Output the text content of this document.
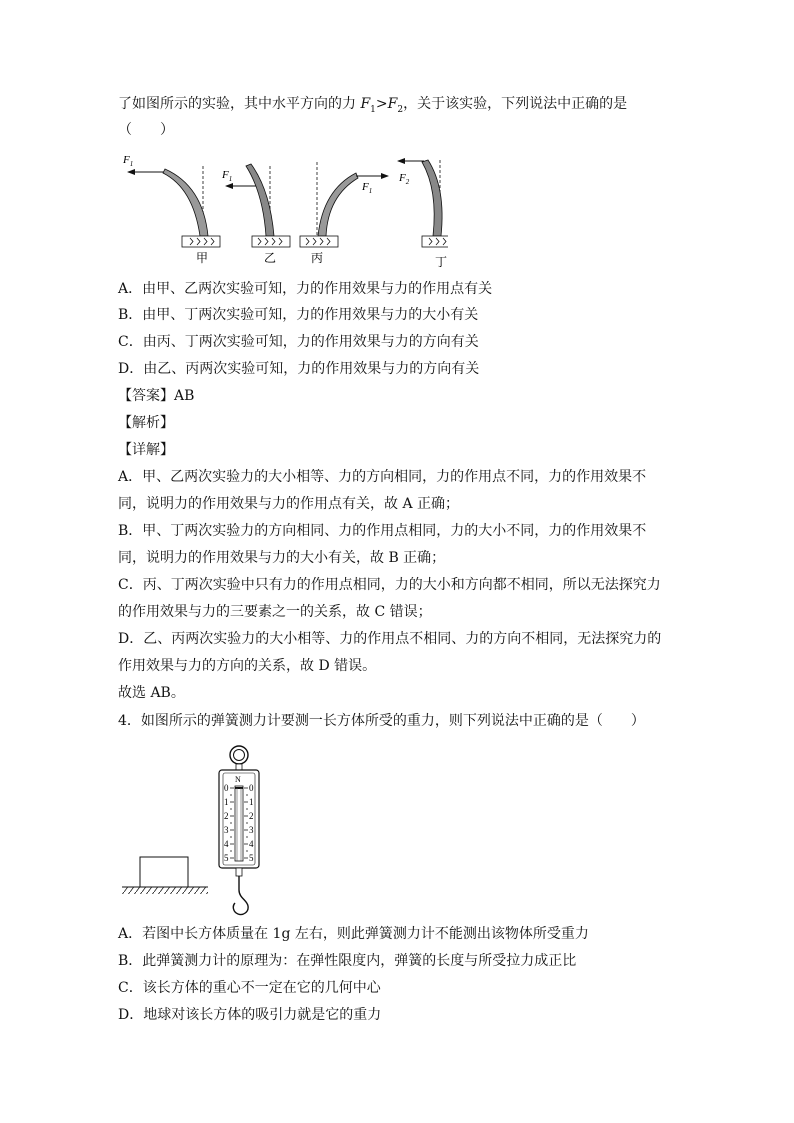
了如图所示的实验，其中水平方向的力 $F_1>F_2$，关于该实验，下列说法中正确的是
（　　）
$F_1$
甲
$F_1$
乙
$F_1$
丙
$F_2$
丁
A．由甲、乙两次实验可知，力的作用效果与力的作用点有关
B．由甲、丁两次实验可知，力的作用效果与力的大小有关
C．由丙、丁两次实验可知，力的作用效果与力的方向有关
D．由乙、丙两次实验可知，力的作用效果与力的方向有关
【答案】AB
【解析】
【详解】
A．甲、乙两次实验力的大小相等、力的方向相同，力的作用点不同，力的作用效果不
同，说明力的作用效果与力的作用点有关，故 A 正确；
B．甲、丁两次实验力的方向相同、力的作用点相同，力的大小不同，力的作用效果不
同，说明力的作用效果与力的大小有关，故 B 正确；
C．丙、丁两次实验中只有力的作用点相同，力的大小和方向都不相同，所以无法探究力
的作用效果与力的三要素之一的关系，故 C 错误；
D．乙、丙两次实验力的大小相等、力的作用点不相同、力的方向不相同，无法探究力的
作用效果与力的方向的关系，故 D 错误。
故选 AB。
4．如图所示的弹簧测力计要测一长方体所受的重力，则下列说法中正确的是（　　）
N
0
1
2
3
4
5
0
1
2
3
4
5
A．若图中长方体质量在 1g 左右，则此弹簧测力计不能测出该物体所受重力
B．此弹簧测力计的原理为：在弹性限度内，弹簧的长度与所受拉力成正比
C．该长方体的重心不一定在它的几何中心
D．地球对该长方体的吸引力就是它的重力
